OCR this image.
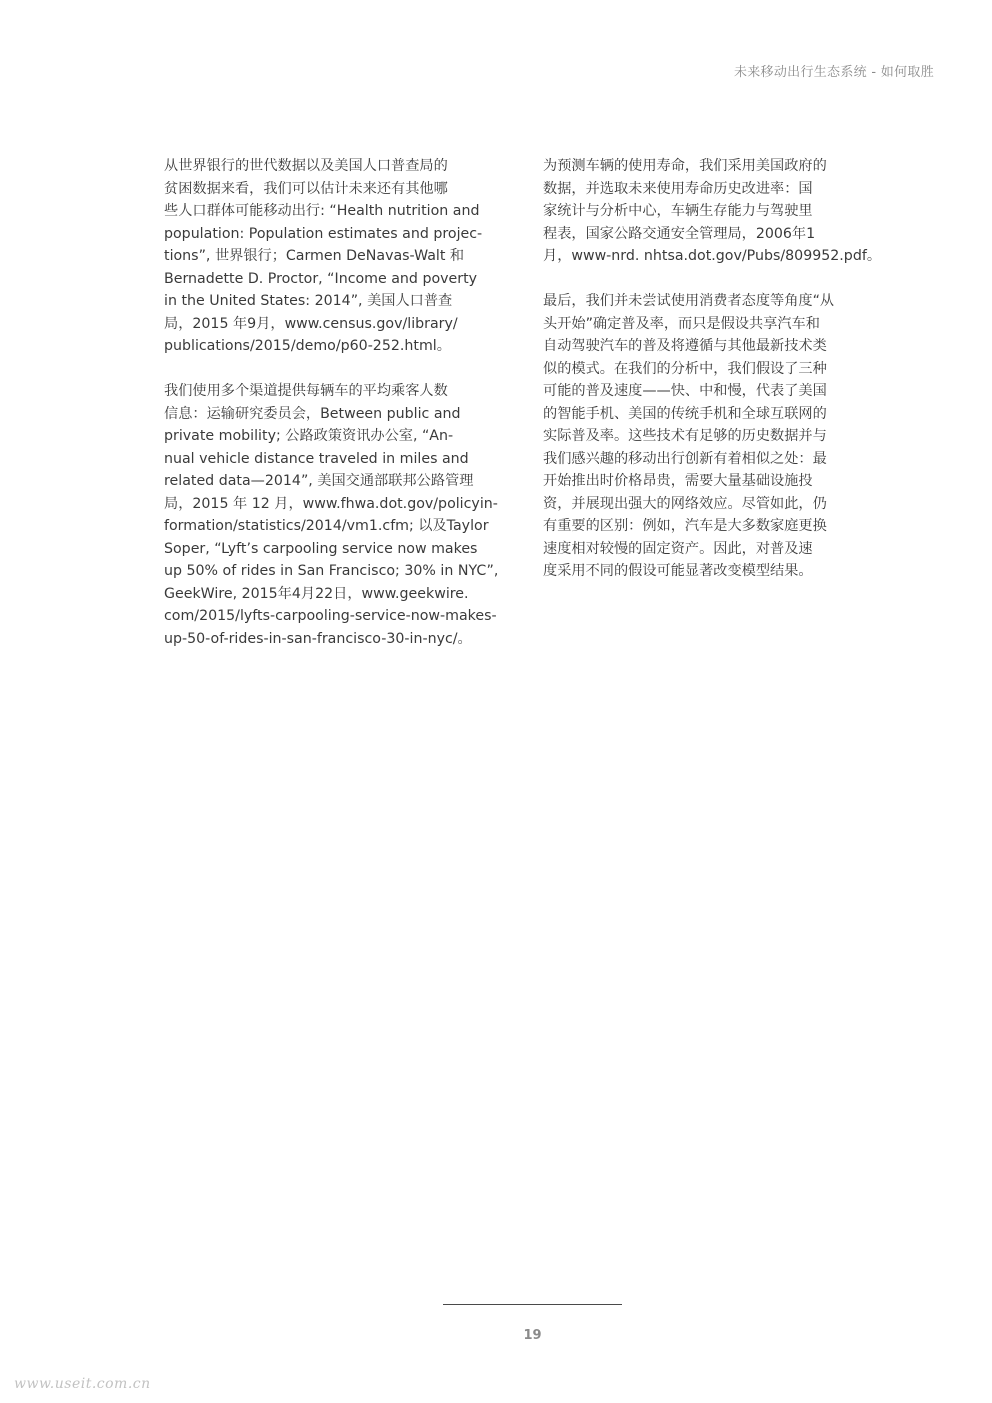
未来移动出行生态系统 - 如何取胜

从世界银行的世代数据以及美国人口普查局的
贫困数据来看，我们可以估计未来还有其他哪
些人口群体可能移动出行: “Health nutrition and
population: Population estimates and projec-
tions”, 世界银行；Carmen DeNavas-Walt 和
Bernadette D. Proctor, “Income and poverty
in the United States: 2014”, 美国人口普查
局，2015 年9月，www.census.gov/library/
publications/2015/demo/p60-252.html。

我们使用多个渠道提供每辆车的平均乘客人数
信息：运输研究委员会，Between public and
private mobility; 公路政策资讯办公室, “An-
nual vehicle distance traveled in miles and
related data—2014”, 美国交通部联邦公路管理
局，2015 年 12 月，www.fhwa.dot.gov/policyin-
formation/statistics/2014/vm1.cfm; 以及Taylor
Soper, “Lyft’s carpooling service now makes
up 50% of rides in San Francisco; 30% in NYC”,
GeekWire, 2015年4月22日，www.geekwire.
com/2015/lyfts-carpooling-service-now-makes-
up-50-of-rides-in-san-francisco-30-in-nyc/。

为预测车辆的使用寿命，我们采用美国政府的
数据，并选取未来使用寿命历史改进率：国
家统计与分析中心，车辆生存能力与驾驶里
程表，国家公路交通安全管理局，2006年1
月，www-nrd. nhtsa.dot.gov/Pubs/809952.pdf。

最后，我们并未尝试使用消费者态度等角度“从
头开始”确定普及率，而只是假设共享汽车和
自动驾驶汽车的普及将遵循与其他最新技术类
似的模式。在我们的分析中，我们假设了三种
可能的普及速度——快、中和慢，代表了美国
的智能手机、美国的传统手机和全球互联网的
实际普及率。这些技术有足够的历史数据并与
我们感兴趣的移动出行创新有着相似之处：最
开始推出时价格昂贵，需要大量基础设施投
资，并展现出强大的网络效应。尽管如此，仍
有重要的区别：例如，汽车是大多数家庭更换
速度相对较慢的固定资产。因此，对普及速
度采用不同的假设可能显著改变模型结果。

19
www.useit.com.cn
